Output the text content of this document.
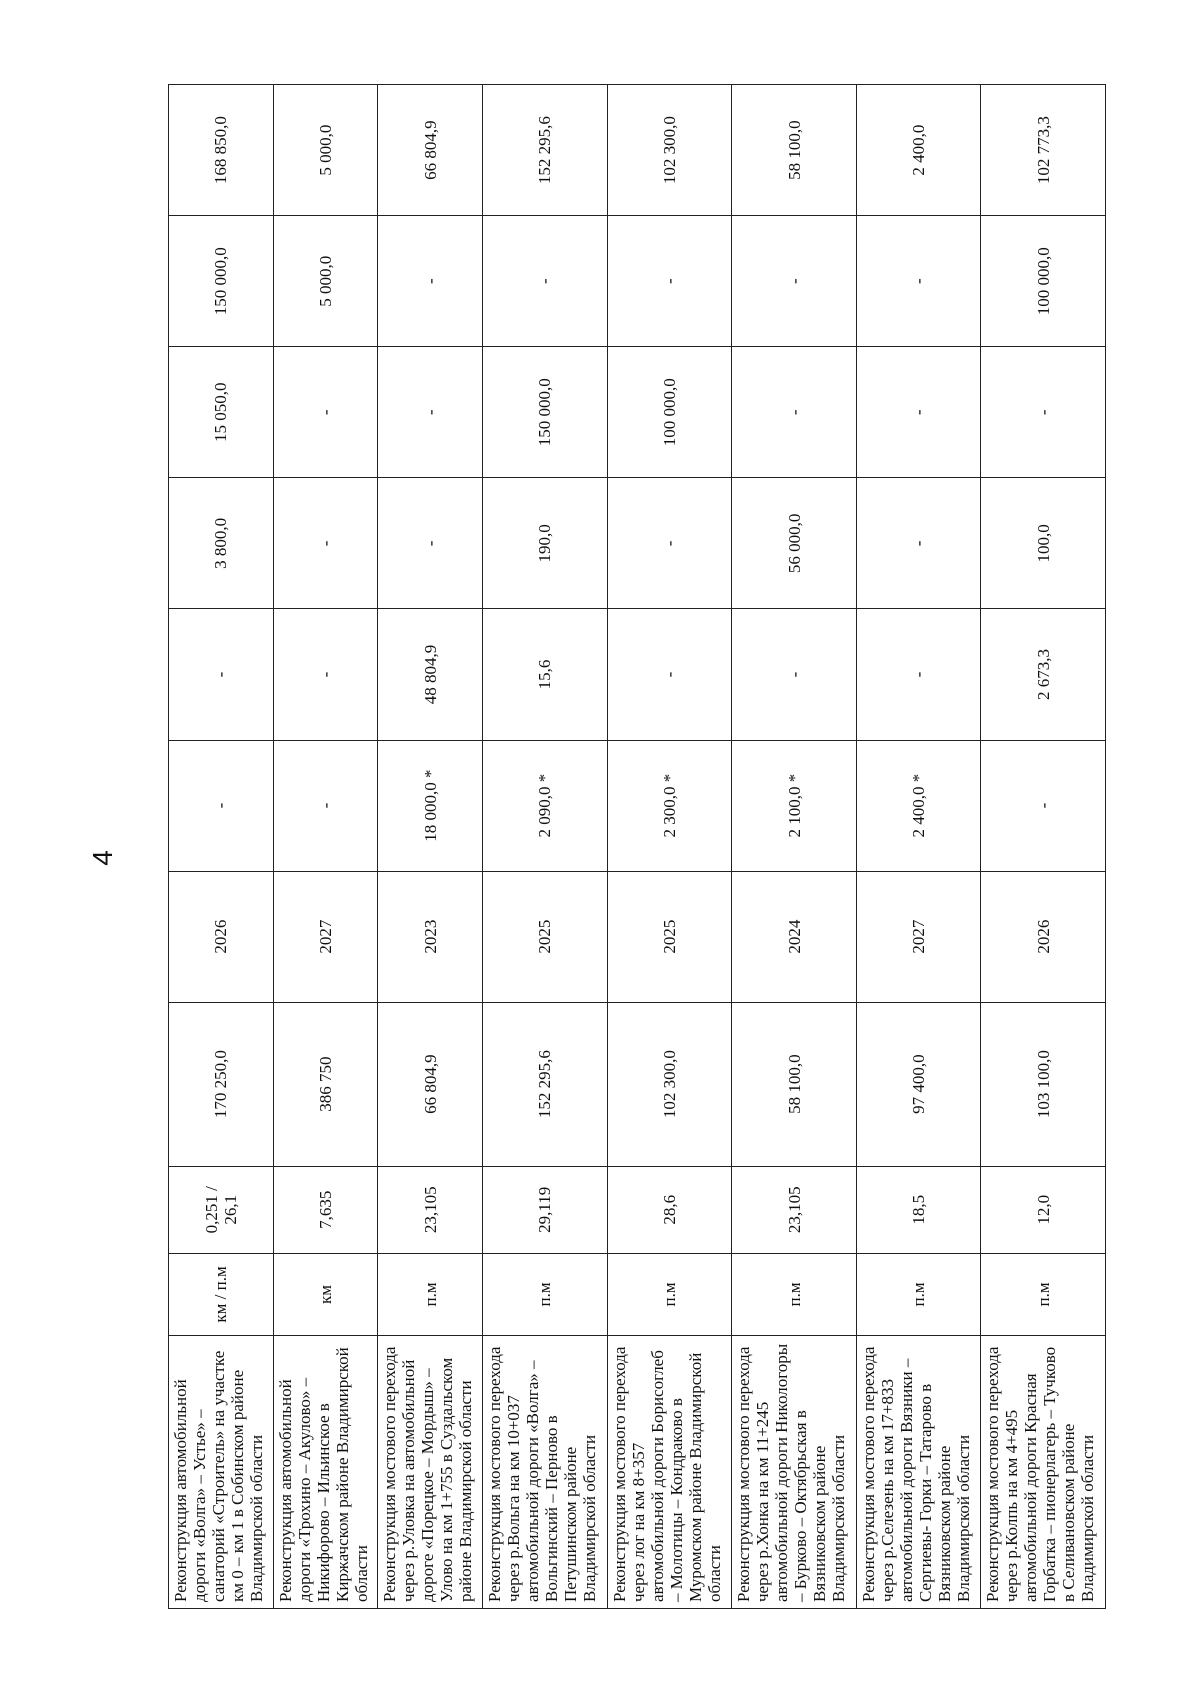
4
Реконструкция автомобильной дороги «Волга» – Устье» – санаторий «Строитель» на участке км 0 – км 1 в Собинском районе Владимирской области	км / п.м	0,251 / 26,1	170 250,0	2026	-	-	3 800,0	15 050,0	150 000,0	168 850,0
Реконструкция автомобильной дороги «Трохино – Акулово» – Никифорово – Ильинское в Киржачском районе Владимирской области	км	7,635	386 750	2027	-	-	-	-	5 000,0	5 000,0
Реконструкция мостового перехода через р.Уловка на автомобильной дороге «Порецкое – Мордыш» – Улово на км 1+755 в Суздальском районе Владимирской области	п.м	23,105	66 804,9	2023	18 000,0 *	48 804,9	-	-	-	66 804,9
Реконструкция мостового перехода через р.Вольга на км 10+037 автомобильной дороги «Волга» – Вольгинский – Перново в Петушинском районе Владимирской области	п.м	29,119	152 295,6	2025	2 090,0 *	15,6	190,0	150 000,0	-	152 295,6
Реконструкция мостового перехода через лог на км 8+357 автомобильной дороги Борисоглеб – Молотицы – Кондраково в Муромском районе Владимирской области	п.м	28,6	102 300,0	2025	2 300,0 *	-	-	100 000,0	-	102 300,0
Реконструкция мостового перехода через р.Хонка на км 11+245 автомобильной дороги Никологоры – Бурково – Октябрьская в Вязниковском районе Владимирской области	п.м	23,105	58 100,0	2024	2 100,0 *	-	56 000,0	-	-	58 100,0
Реконструкция мостового перехода через р.Селезень на км 17+833 автомобильной дороги Вязники – Сергиевы- Горки – Татарово в Вязниковском районе Владимирской области	п.м	18,5	97 400,0	2027	2 400,0 *	-	-	-	-	2 400,0
Реконструкция мостового перехода через р.Колпь на км 4+495 автомобильной дороги Красная Горбатка – пионерлагерь – Тучково в Селивановском районе Владимирской области	п.м	12,0	103 100,0	2026	-	2 673,3	100,0	-	100 000,0	102 773,3
